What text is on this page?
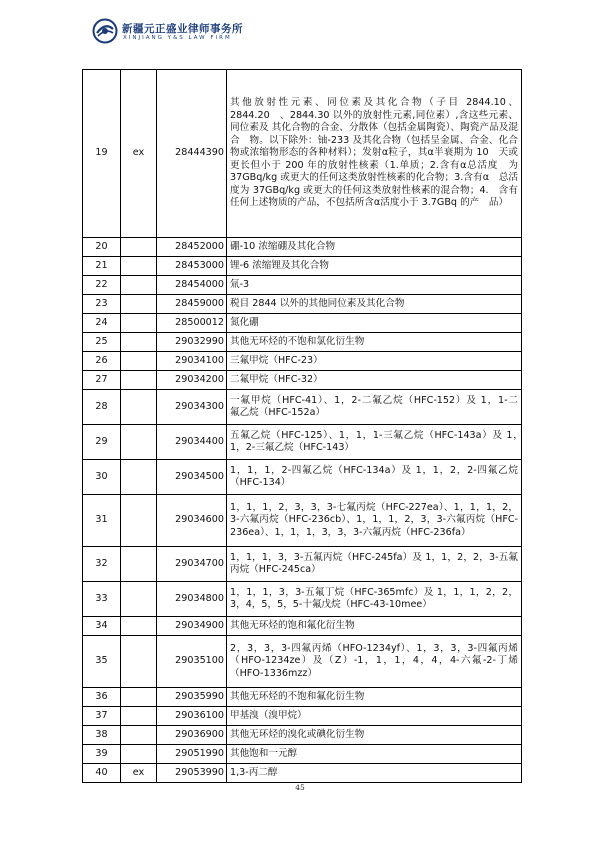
新疆元正盛业律师事务所
XINJIANG Y&S LAW FIRM
19	ex	28444390	其他放射性元素、同位素及其化合物（子目 2844.10、2844.20　、2844.30 以外的放射性元素,同位素）,含这些元素、同位素及 其化合物的合金、分散体（包括金属陶瓷）、陶瓷产品及混合　物。以下除外：铀-233 及其化合物（包括呈金属、合金、化合　物或浓缩物形态的各种材料）；发射α粒子，其α半衰期为 10　天或更长但小于 200 年的放射性核素（1.单质；2.含有α总活度　为 37GBq/kg 或更大的任何这类放射性核素的化合物；3.含有α　总活度为 37GBq/kg 或更大的任何这类放射性核素的混合物；4.　含有任何上述物质的产品，不包括所含α活度小于 3.7GBq 的产　品）
20		28452000	硼-10 浓缩硼及其化合物
21		28453000	锂-6 浓缩锂及其化合物
22		28454000	氚-3
23		28459000	税目 2844 以外的其他同位素及其化合物
24		28500012	氮化硼
25		29032990	其他无环烃的不饱和氯化衍生物
26		29034100	三氟甲烷（HFC-23）
27		29034200	二氟甲烷（HFC-32）
28		29034300	一氟甲烷（HFC-41）、1，2-二氟乙烷（HFC-152）及 1，1-二　氟乙烷（HFC-152a）
29		29034400	五氟乙烷（HFC-125）、1，1，1-三氟乙烷（HFC-143a）及 1，　1，2-三氟乙烷（HFC-143）
30		29034500	1，1，1，2-四氟乙烷（HFC-134a）及 1，1，2，2-四氟乙烷　（HFC-134）
31		29034600	1，1，1，2，3，3，3-七氟丙烷（HFC-227ea）、1，1，1，2，3-六氟丙烷（HFC-236cb）、1，1，1，2，3，3-六氟丙烷（HFC-236ea）、1，1，1，3，3，3-六氟丙烷（HFC-236fa）
32		29034700	1，1，1，3，3-五氟丙烷（HFC-245fa）及 1，1，2，2，3-五氟　丙烷（HFC-245ca）
33		29034800	1，1，1，3，3-五氟丁烷（HFC-365mfc）及 1，1，1，2，2，3，4，5，5，5-十氟戊烷（HFC-43-10mee）
34		29034900	其他无环烃的饱和氟化衍生物
35		29035100	2，3，3，3-四氟丙烯（HFO-1234yf）、1，3，3，3-四氟丙烯（HFO-1234ze）及（Z）-1，1，1，4，4，4-六氟-2-丁烯　（HFO-1336mzz）
36		29035990	其他无环烃的不饱和氟化衍生物
37		29036100	甲基溴（溴甲烷）
38		29036900	其他无环烃的溴化或碘化衍生物
39		29051990	其他饱和一元醇
40	ex	29053990	1,3-丙二醇
45
